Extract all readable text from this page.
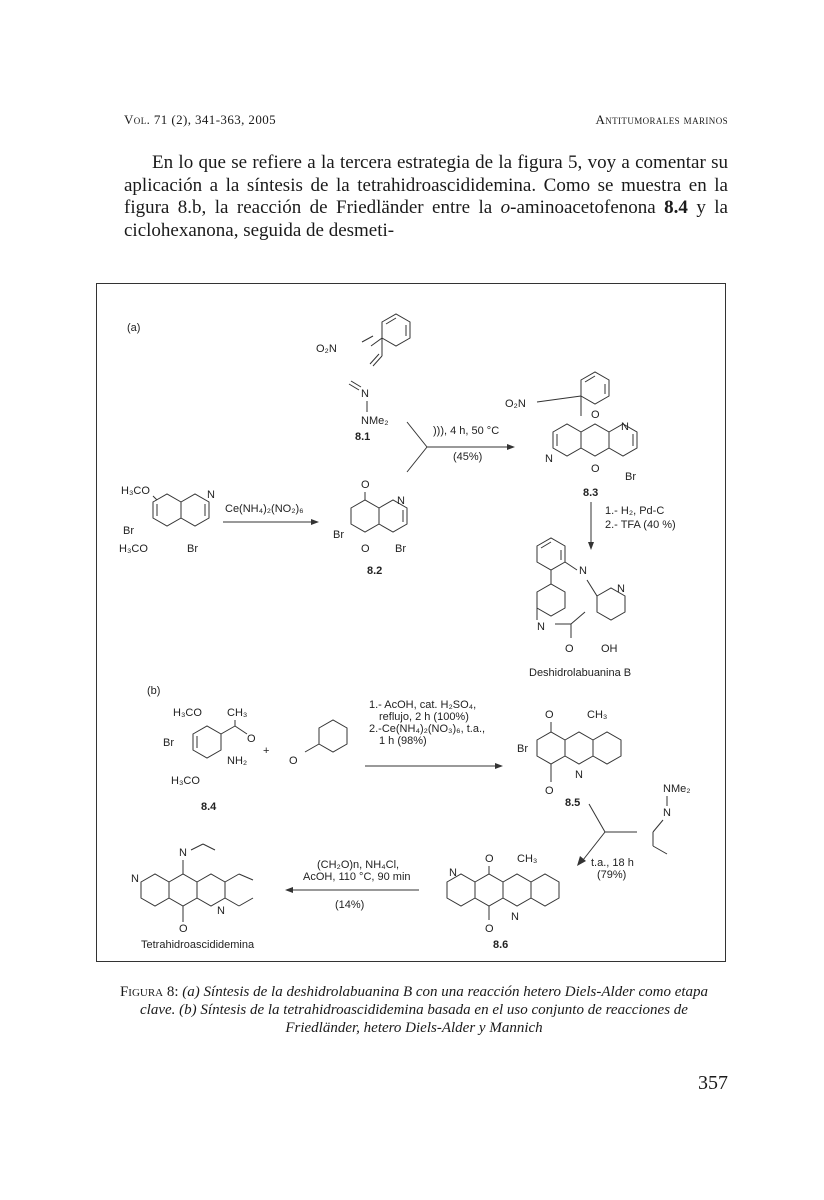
Vol. 71 (2), 341-363, 2005	Antitumorales marinos

En lo que se refiere a la tercera estrategia de la figura 5, voy a comentar su aplicación a la síntesis de la tetrahidroascididemina. Como se muestra en la figura 8.b, la reacción de Friedländer entre la o-aminoacetofenona 8.4 y la ciclohexanona, seguida de desmeti-

(a)
O₂N
N
NMe₂
8.1	))), 4 h, 50 °C
(45%)
H₃CO	N
Br
H₃CO	Br
Ce(NH₄)₂(NO₂)₆
O
N
Br
O Br
8.2
O₂N
O
N
N
O
Br
8.3
1.- H₂, Pd-C
2.- TFA (40 %)
N
N
N
O OH
Deshidrolabuanina B
(b)
H₃CO CH₃
O
Br
NH₂
H₃CO
8.4
+
O
1.- AcOH, cat. H₂SO₄,
reflujo, 2 h (100%)
2.-Ce(NH₄)₂(NO₃)₆, t.a.,
1 h (98%)
O	CH₃
Br
N
O
8.5
NMe₂
N
t.a., 18 h
(79%)
O CH₃
N
N
O
8.6
(CH₂O)n, NH₄Cl,
AcOH, 110 °C, 90 min
(14%)
N
N
N
O
Tetrahidroascididemina

Figura 8: (a) Síntesis de la deshidrolabuanina B con una reacción hetero Diels-Alder como etapa clave. (b) Síntesis de la tetrahidroascididemina basada en el uso conjunto de reacciones de Friedländer, hetero Diels-Alder y Mannich

357
